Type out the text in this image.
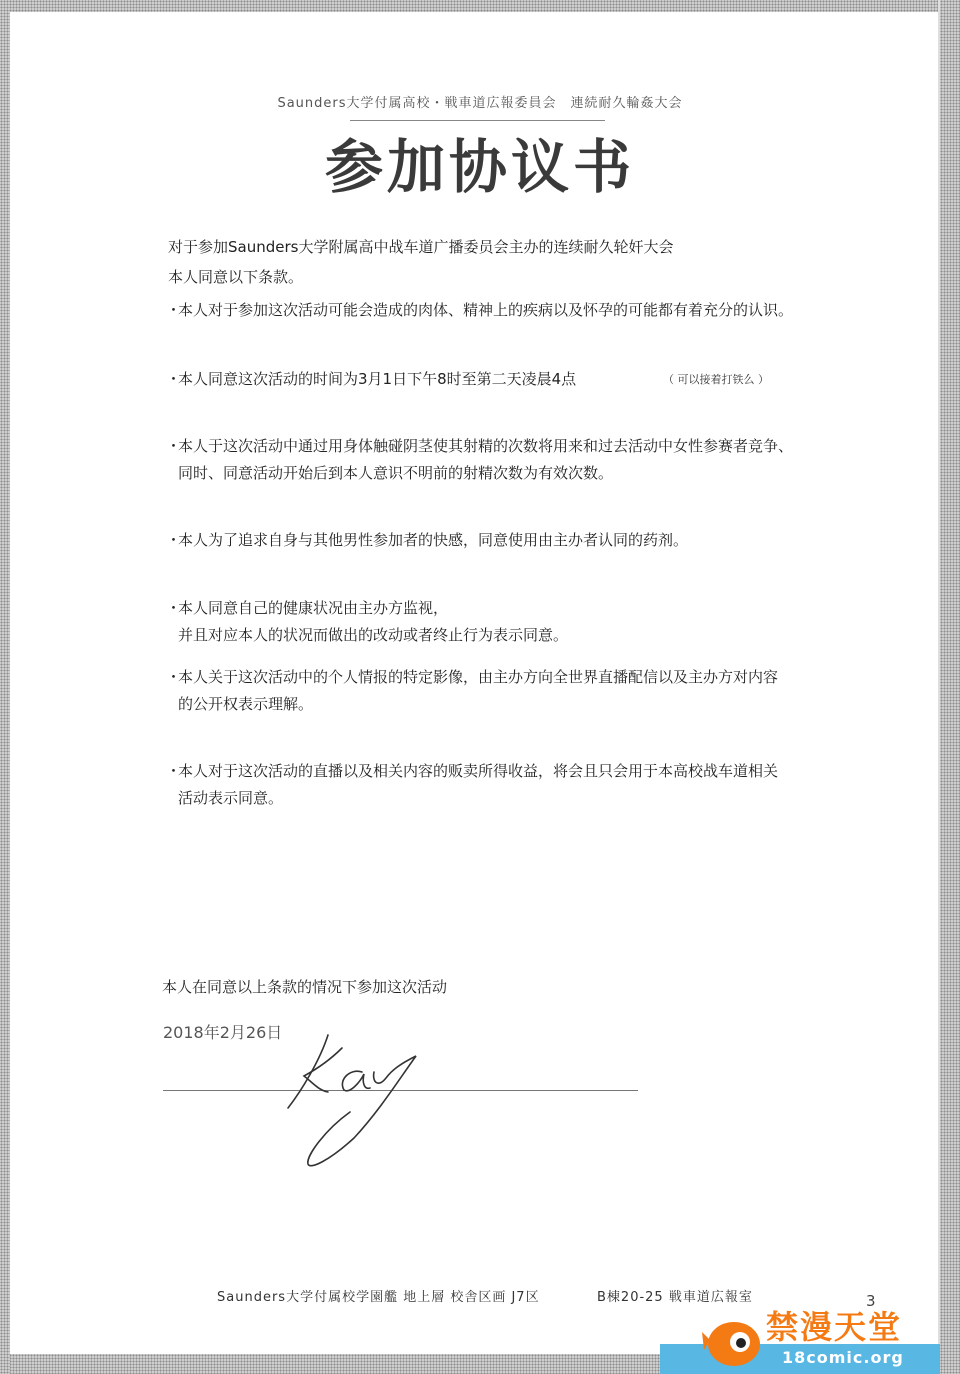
Saunders大学付属高校・戦車道広報委員会　連続耐久輪姦大会
参加协议书
对于参加Saunders大学附属高中战车道广播委员会主办的连续耐久轮奸大会
本人同意以下条款。
・
本人对于参加这次活动可能会造成的肉体、精神上的疾病以及怀孕的可能都有着充分的认识。
・
本人同意这次活动的时间为3月1日下午8时至第二天凌晨4点	（ 可以接着打铁么 ）
・
本人于这次活动中通过用身体触碰阴茎使其射精的次数将用来和过去活动中女性参赛者竞争、
同时、同意活动开始后到本人意识不明前的射精次数为有效次数。
・
本人为了追求自身与其他男性参加者的快感，同意使用由主办者认同的药剂。
・
本人同意自己的健康状况由主办方监视，
并且对应本人的状况而做出的改动或者终止行为表示同意。
・
本人关于这次活动中的个人情报的特定影像，由主办方向全世界直播配信以及主办方对内容
的公开权表示理解。
・
本人对于这次活动的直播以及相关内容的贩卖所得收益，将会且只会用于本高校战车道相关
活动表示同意。
本人在同意以上条款的情况下参加这次活动
2018年2月26日
Saunders大学付属校学園艦 地上層 校舎区画 J7区	B棟20-25 戦車道広報室	3
禁漫天堂
18comic.org
